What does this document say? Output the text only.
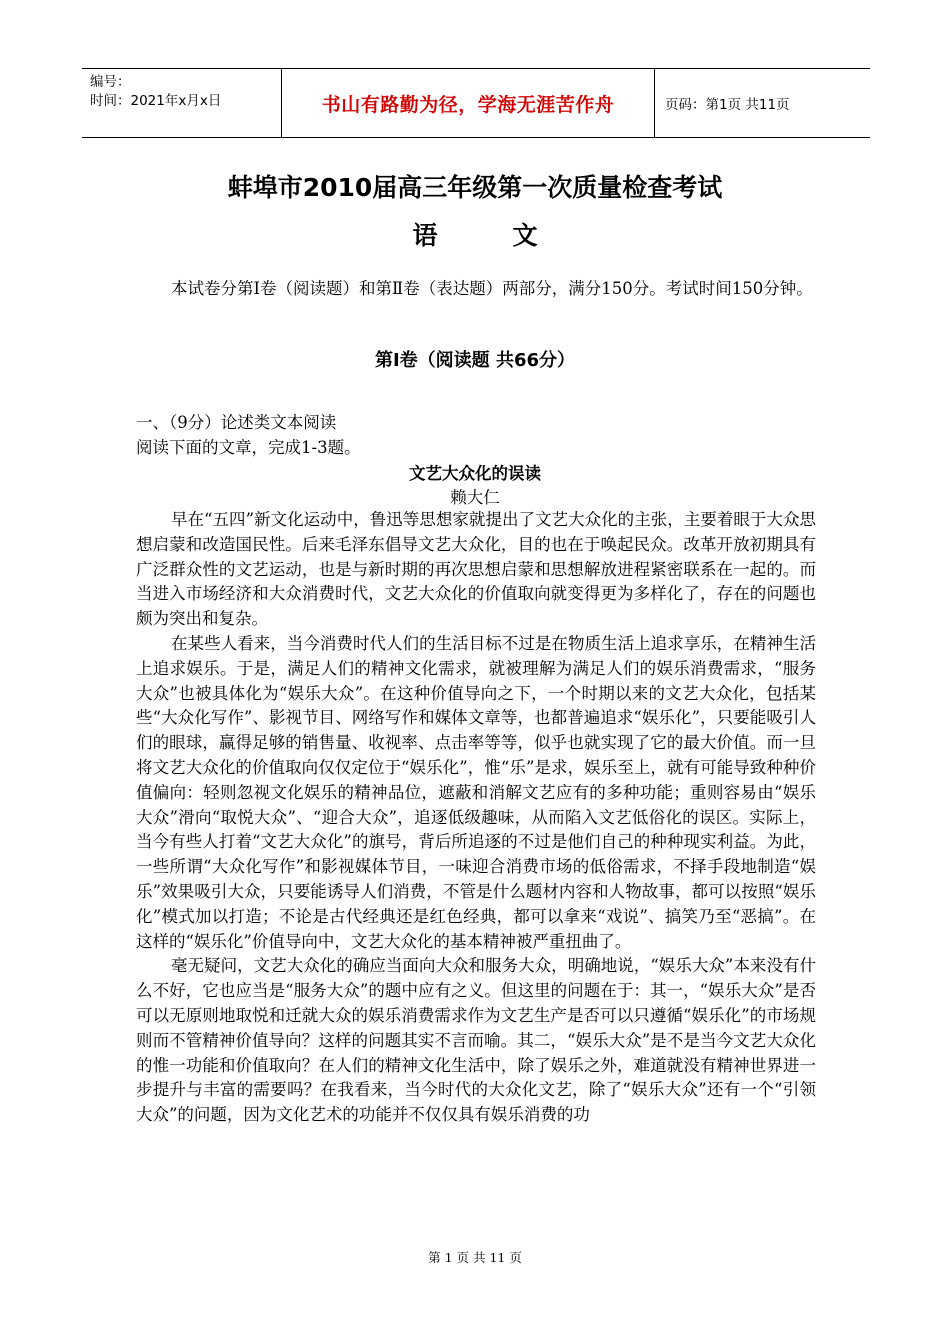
编号：
时间：2021年x月x日	书山有路勤为径，学海无涯苦作舟	页码：第1页 共11页
蚌埠市2010届高三年级第一次质量检查考试
语　　　文
本试卷分第Ⅰ卷（阅读题）和第Ⅱ卷（表达题）两部分，满分150分。考试时间150分钟。
第Ⅰ卷（阅读题 共66分）
一、（9分）论述类文本阅读
阅读下面的文章，完成1-3题。
文艺大众化的误读
赖大仁

早在“五四”新文化运动中，鲁迅等思想家就提出了文艺大众化的主张，主要着眼于大众思想启蒙和改造国民性。后来毛泽东倡导文艺大众化，目的也在于唤起民众。改革开放初期具有广泛群众性的文艺运动，也是与新时期的再次思想启蒙和思想解放进程紧密联系在一起的。而当进入市场经济和大众消费时代，文艺大众化的价值取向就变得更为多样化了，存在的问题也颇为突出和复杂。

在某些人看来，当今消费时代人们的生活目标不过是在物质生活上追求享乐，在精神生活上追求娱乐。于是，满足人们的精神文化需求，就被理解为满足人们的娱乐消费需求，“服务大众”也被具体化为“娱乐大众”。在这种价值导向之下，一个时期以来的文艺大众化，包括某些“大众化写作”、影视节目、网络写作和媒体文章等，也都普遍追求“娱乐化”，只要能吸引人们的眼球，赢得足够的销售量、收视率、点击率等等，似乎也就实现了它的最大价值。而一旦将文艺大众化的价值取向仅仅定位于“娱乐化”，惟“乐”是求，娱乐至上，就有可能导致种种价值偏向：轻则忽视文化娱乐的精神品位，遮蔽和消解文艺应有的多种功能；重则容易由“娱乐大众”滑向“取悦大众”、“迎合大众”，追逐低级趣味，从而陷入文艺低俗化的误区。实际上，当今有些人打着“文艺大众化”的旗号，背后所追逐的不过是他们自己的种种现实利益。为此，一些所谓“大众化写作”和影视媒体节目，一味迎合消费市场的低俗需求，不择手段地制造“娱乐”效果吸引大众，只要能诱导人们消费，不管是什么题材内容和人物故事，都可以按照“娱乐化”模式加以打造；不论是古代经典还是红色经典，都可以拿来“戏说”、搞笑乃至“恶搞”。在这样的“娱乐化”价值导向中，文艺大众化的基本精神被严重扭曲了。

毫无疑问，文艺大众化的确应当面向大众和服务大众，明确地说，“娱乐大众”本来没有什么不好，它也应当是“服务大众”的题中应有之义。但这里的问题在于：其一，“娱乐大众”是否可以无原则地取悦和迁就大众的娱乐消费需求作为文艺生产是否可以只遵循“娱乐化”的市场规则而不管精神价值导向？这样的问题其实不言而喻。其二，“娱乐大众”是不是当今文艺大众化的惟一功能和价值取向？在人们的精神文化生活中，除了娱乐之外，难道就没有精神世界进一步提升与丰富的需要吗？在我看来，当今时代的大众化文艺，除了“娱乐大众”还有一个“引领大众”的问题，因为文化艺术的功能并不仅仅具有娱乐消费的功

第 1 页 共 11 页
